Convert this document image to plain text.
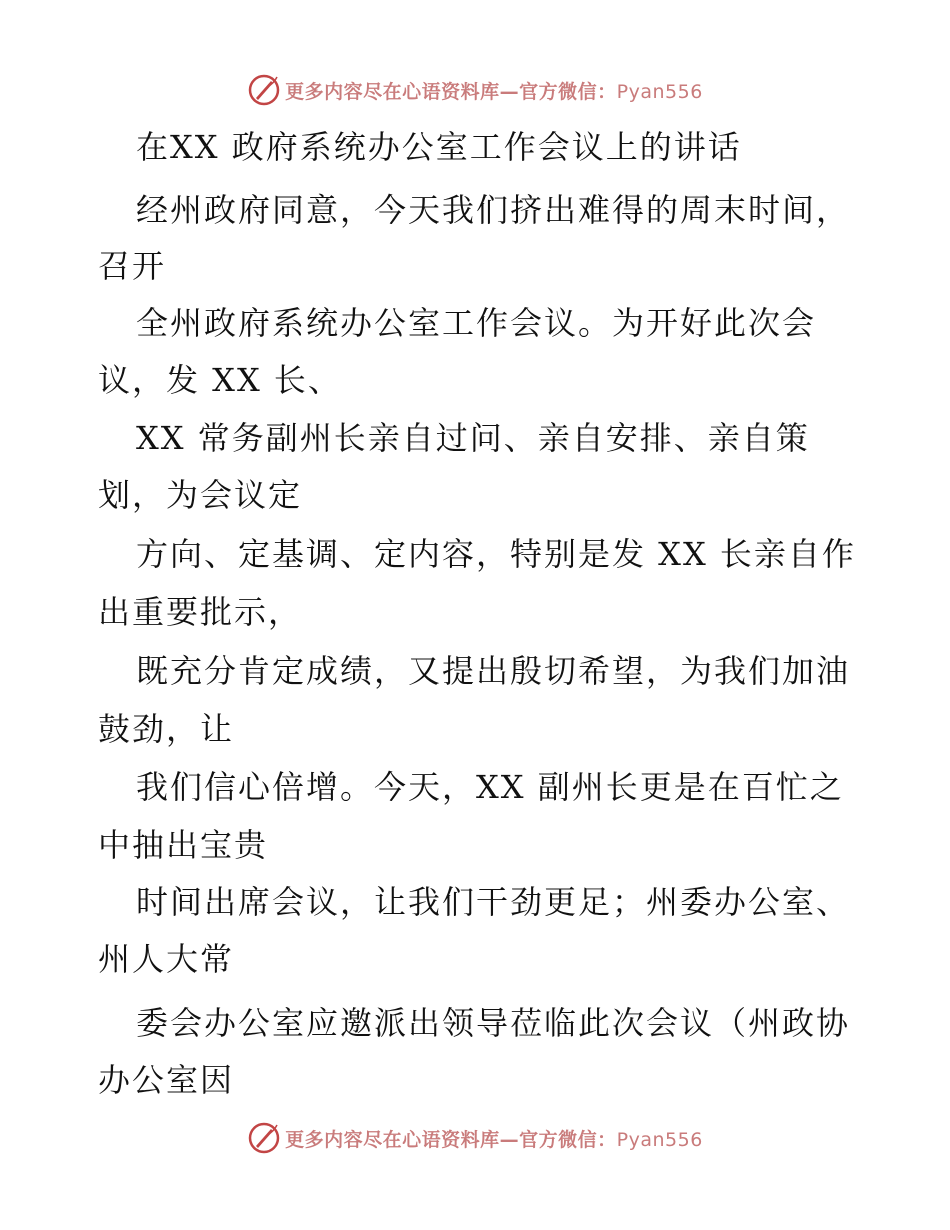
更多内容尽在心语资料库—官方微信：Pyan556
在XX 政府系统办公室工作会议上的讲话
经州政府同意，今天我们挤出难得的周末时间，
召开
全州政府系统办公室工作会议。为开好此次会
议，发 XX 长、
XX 常务副州长亲自过问、亲自安排、亲自策
划，为会议定
方向、定基调、定内容，特别是发 XX 长亲自作
出重要批示，
既充分肯定成绩，又提出殷切希望，为我们加油
鼓劲，让
我们信心倍增。今天，XX 副州长更是在百忙之
中抽出宝贵
时间出席会议，让我们干劲更足；州委办公室、
州人大常
委会办公室应邀派出领导莅临此次会议（州政协
办公室因
更多内容尽在心语资料库—官方微信：Pyan556
